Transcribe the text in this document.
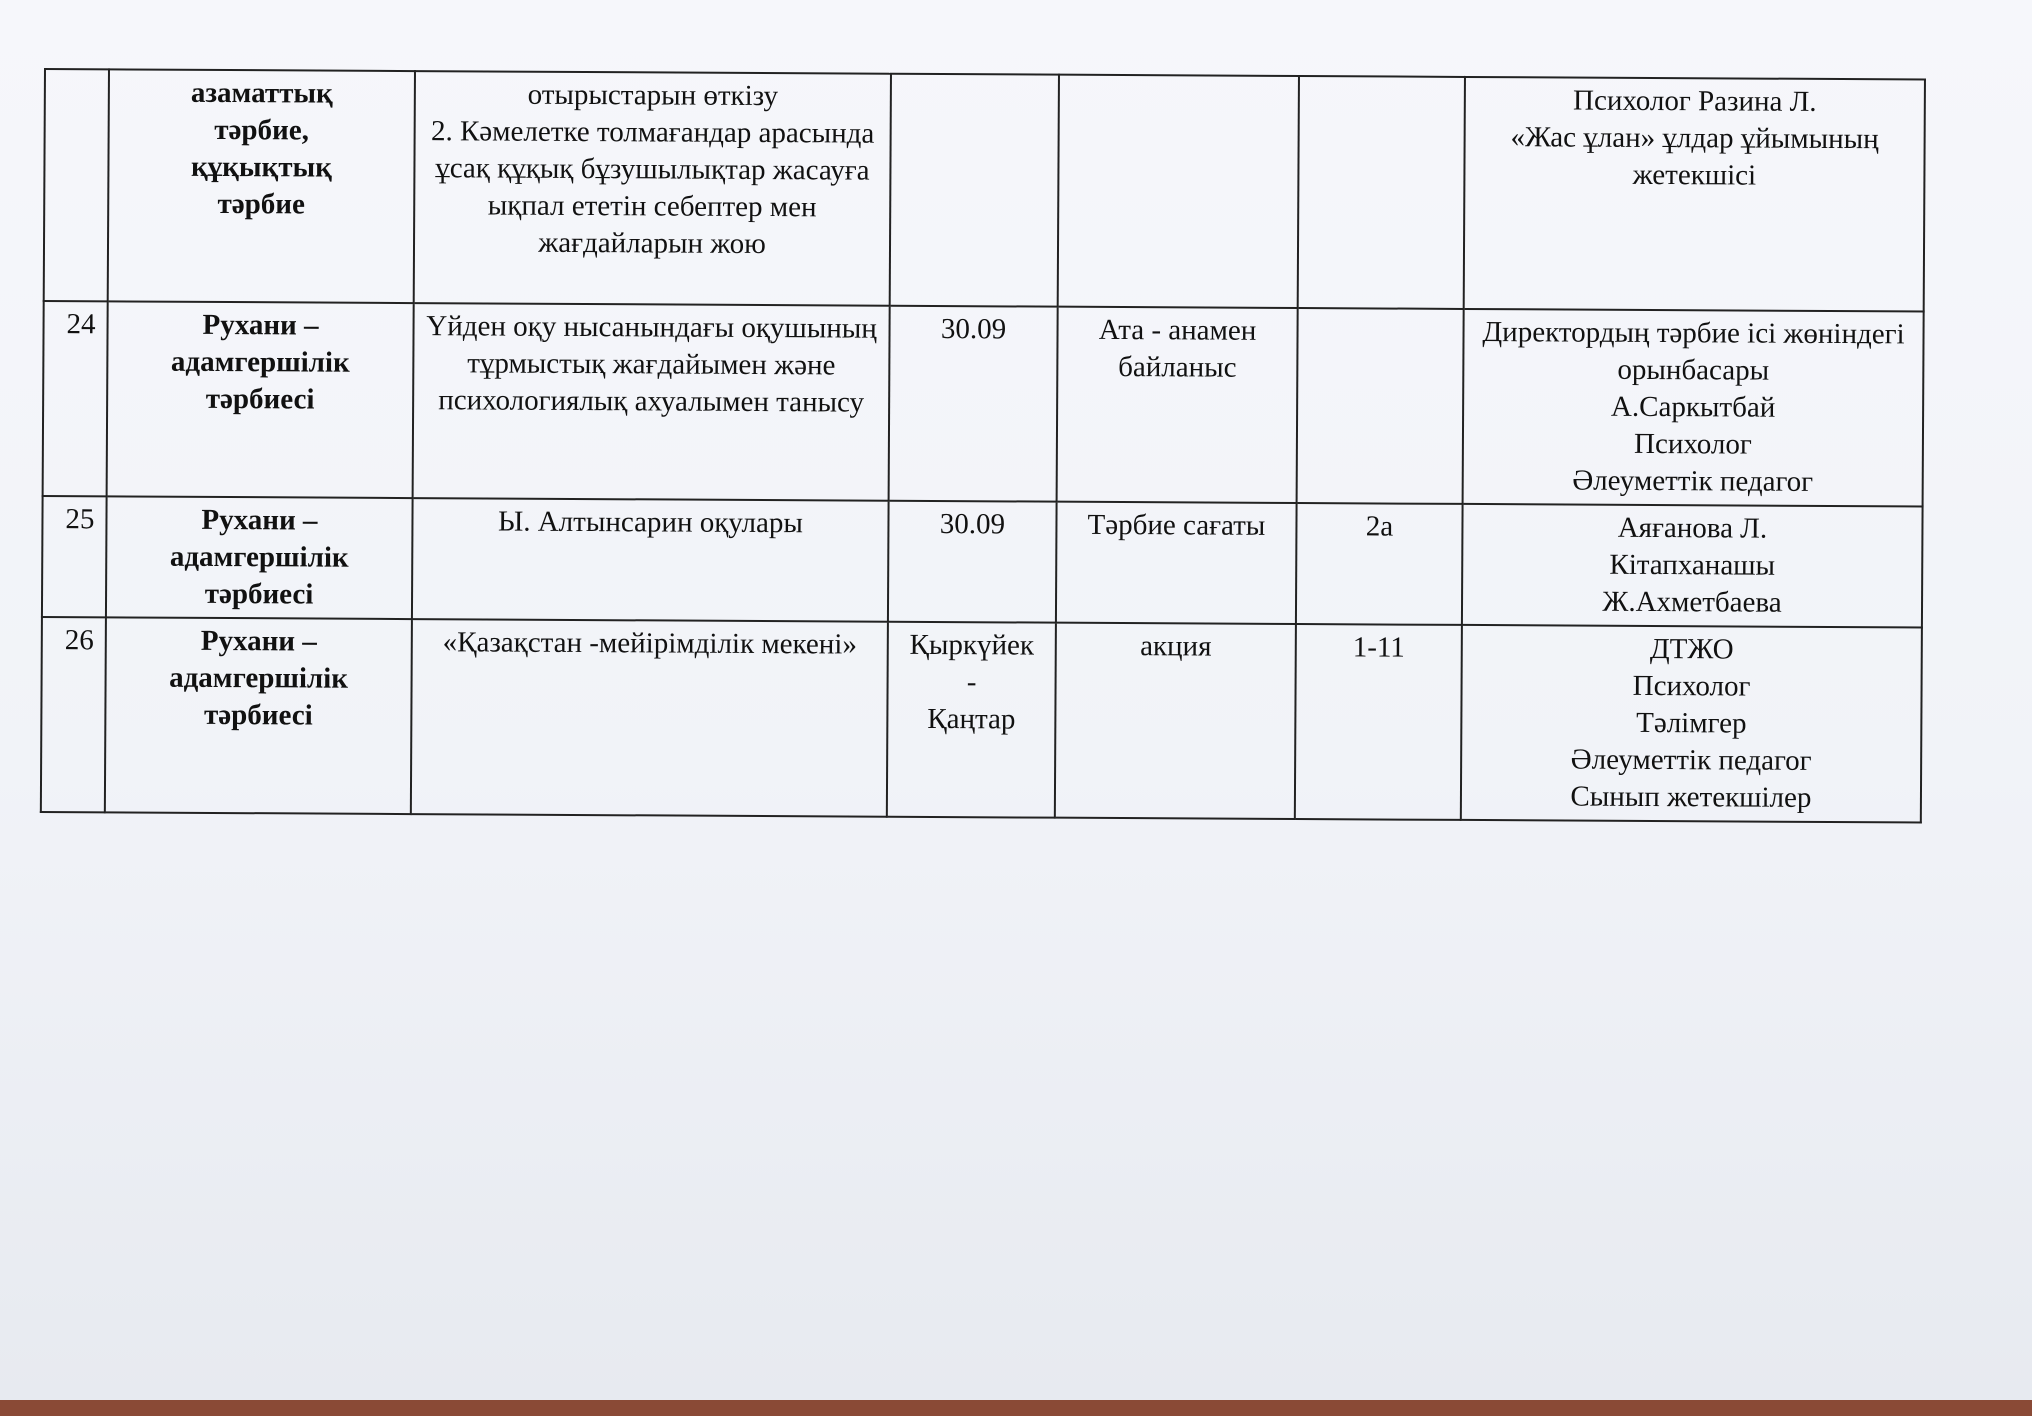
	азаматтық
тәрбие,
құқықтық
тәрбие	отырыстарын өткізу
2. Кәмелетке толмағандар арасында ұсақ құқық бұзушылықтар жасауға ықпал ететін себептер мен жағдайларын жою				Психолог Разина Л.
«Жас ұлан» ұлдар ұйымының жетекшісі
24	Рухани –
адамгершілік
тәрбиесі	Үйден оқу нысанындағы оқушының тұрмыстық жағдайымен және психологиялық ахуалымен танысу	30.09	Ата - анамен
байланыс		Директордың тәрбие ісі жөніндегі орынбасары
А.Саркытбай
Психолог
Әлеуметтік педагог
25	Рухани –
адамгершілік
тәрбиесі	Ы. Алтынсарин оқулары	30.09	Тәрбие сағаты	2а	Аяғанова Л.
Кітапханашы
Ж.Ахметбаева
26	Рухани –
адамгершілік
тәрбиесі	«Қазақстан -мейірімділік мекені»	Қыркүйек
-
Қаңтар	акция	1-11	ДТЖО
Психолог
Тәлімгер
Әлеуметтік педагог
Сынып жетекшілер
